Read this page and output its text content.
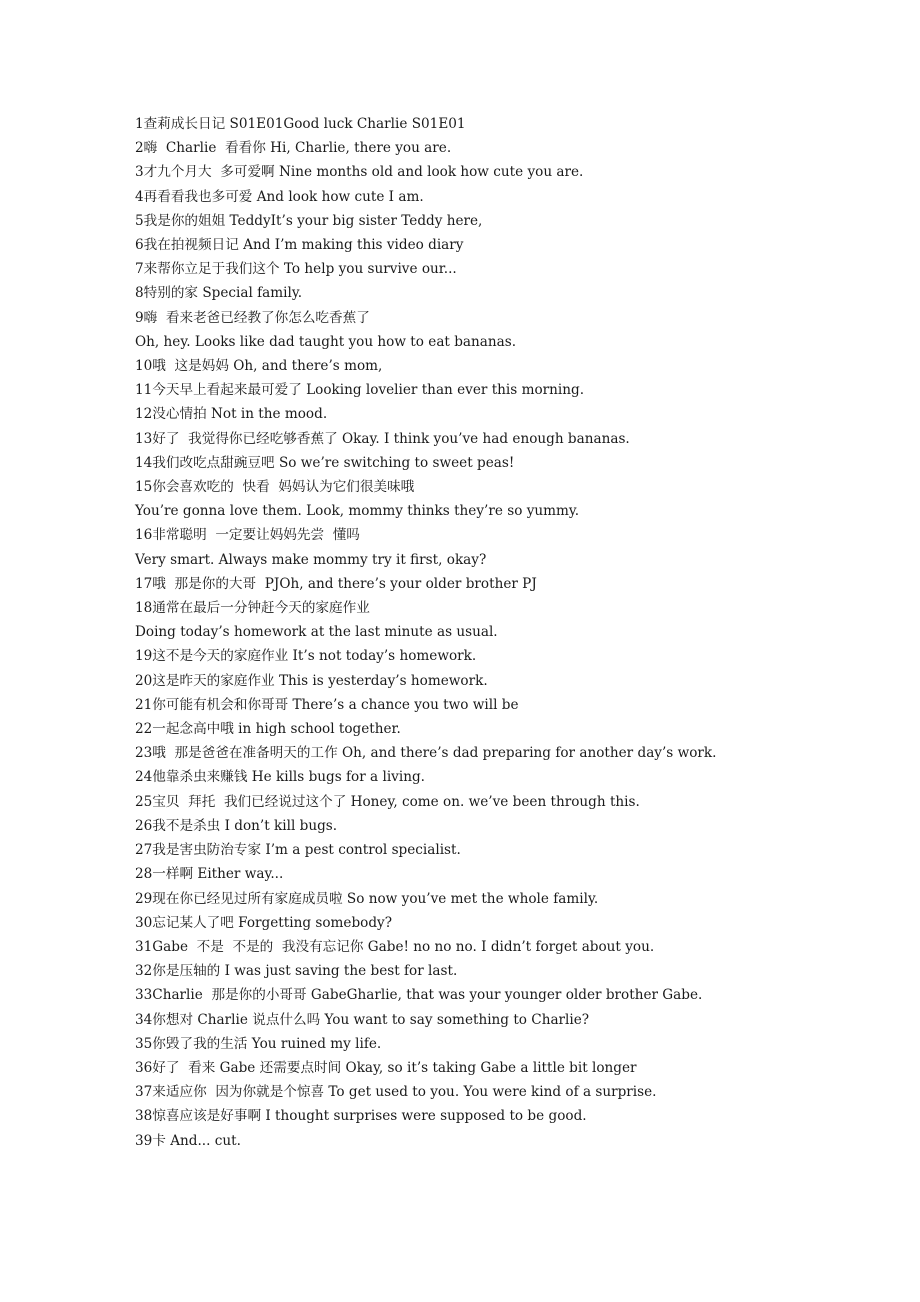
1查莉成长日记 S01E01Good luck Charlie S01E01
2嗨  Charlie  看看你 Hi, Charlie, there you are.
3才九个月大  多可爱啊 Nine months old and look how cute you are.
4再看看我也多可爱 And look how cute I am.
5我是你的姐姐 TeddyIt’s your big sister Teddy here,
6我在拍视频日记 And I’m making this video diary
7来帮你立足于我们这个 To help you survive our...
8特别的家 Special family.
9嗨  看来老爸已经教了你怎么吃香蕉了
Oh, hey. Looks like dad taught you how to eat bananas.
10哦  这是妈妈 Oh, and there’s mom,
11今天早上看起来最可爱了 Looking lovelier than ever this morning.
12没心情拍 Not in the mood.
13好了  我觉得你已经吃够香蕉了 Okay. I think you’ve had enough bananas.
14我们改吃点甜豌豆吧 So we’re switching to sweet peas!
15你会喜欢吃的  快看  妈妈认为它们很美味哦
You’re gonna love them. Look, mommy thinks they’re so yummy.
16非常聪明  一定要让妈妈先尝  懂吗
Very smart. Always make mommy try it first, okay?
17哦  那是你的大哥  PJOh, and there’s your older brother PJ
18通常在最后一分钟赶今天的家庭作业
Doing today’s homework at the last minute as usual.
19这不是今天的家庭作业 It’s not today’s homework.
20这是昨天的家庭作业 This is yesterday’s homework.
21你可能有机会和你哥哥 There’s a chance you two will be
22一起念高中哦 in high school together.
23哦  那是爸爸在准备明天的工作 Oh, and there’s dad preparing for another day’s work.
24他靠杀虫来赚钱 He kills bugs for a living.
25宝贝  拜托  我们已经说过这个了 Honey, come on. we’ve been through this.
26我不是杀虫 I don’t kill bugs.
27我是害虫防治专家 I’m a pest control specialist.
28一样啊 Either way...
29现在你已经见过所有家庭成员啦 So now you’ve met the whole family.
30忘记某人了吧 Forgetting somebody?
31Gabe  不是  不是的  我没有忘记你 Gabe! no no no. I didn’t forget about you.
32你是压轴的 I was just saving the best for last.
33Charlie  那是你的小哥哥 GabeGharlie, that was your younger older brother Gabe.
34你想对 Charlie 说点什么吗 You want to say something to Charlie?
35你毁了我的生活 You ruined my life.
36好了  看来 Gabe 还需要点时间 Okay, so it’s taking Gabe a little bit longer
37来适应你  因为你就是个惊喜 To get used to you. You were kind of a surprise.
38惊喜应该是好事啊 I thought surprises were supposed to be good.
39卡 And... cut.
